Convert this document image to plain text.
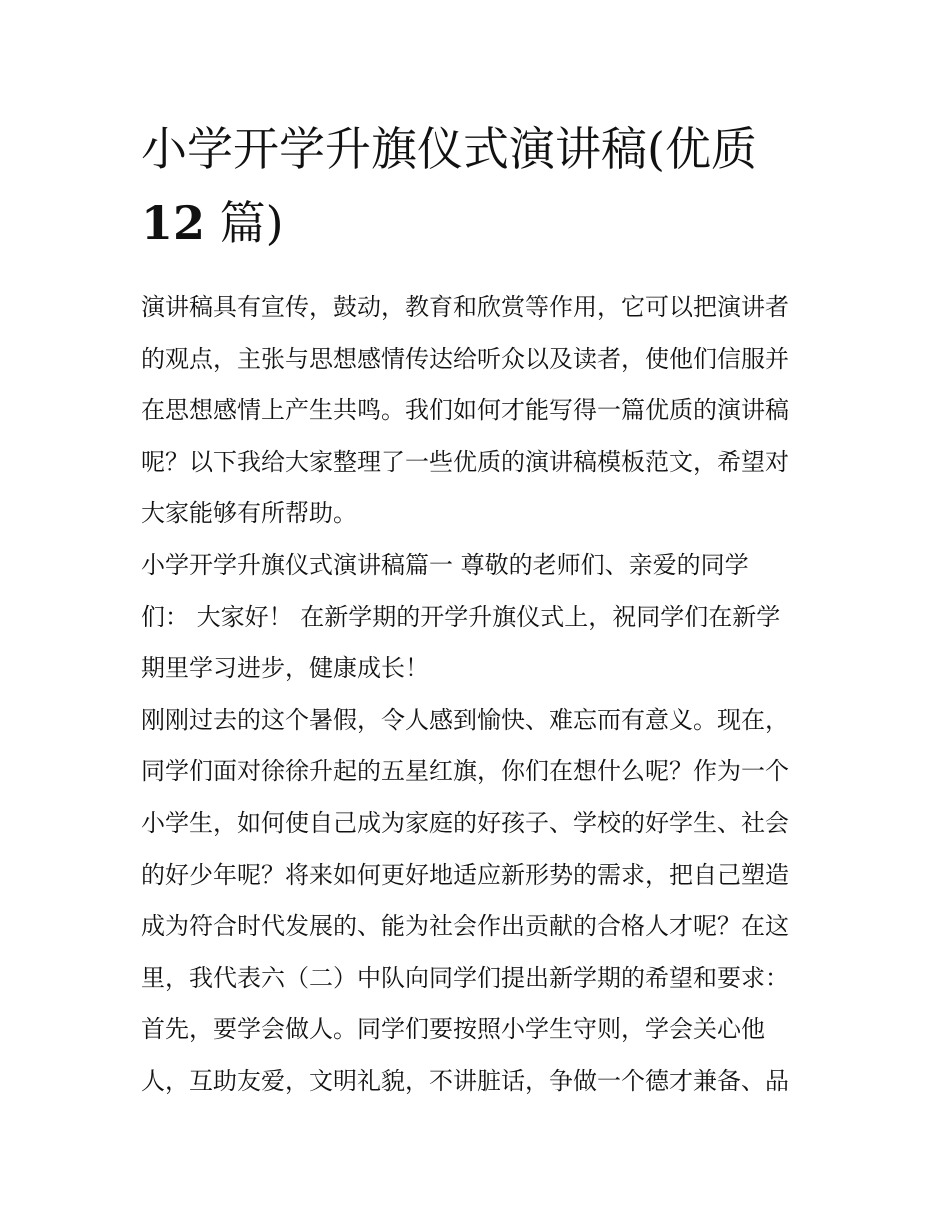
小学开学升旗仪式演讲稿(优质
12 篇)

演讲稿具有宣传，鼓动，教育和欣赏等作用，它可以把演讲者
的观点，主张与思想感情传达给听众以及读者，使他们信服并
在思想感情上产生共鸣。我们如何才能写得一篇优质的演讲稿
呢？以下我给大家整理了一些优质的演讲稿模板范文，希望对
大家能够有所帮助。

小学开学升旗仪式演讲稿篇一 尊敬的老师们、亲爱的同学
们： 大家好！ 在新学期的开学升旗仪式上，祝同学们在新学
期里学习进步，健康成长！

刚刚过去的这个暑假，令人感到愉快、难忘而有意义。现在，
同学们面对徐徐升起的五星红旗，你们在想什么呢？作为一个
小学生，如何使自己成为家庭的好孩子、学校的好学生、社会
的好少年呢？将来如何更好地适应新形势的需求，把自己塑造
成为符合时代发展的、能为社会作出贡献的合格人才呢？在这
里，我代表六（二）中队向同学们提出新学期的希望和要求：
首先，要学会做人。同学们要按照小学生守则，学会关心他
人，互助友爱，文明礼貌，不讲脏话，争做一个德才兼备、品
